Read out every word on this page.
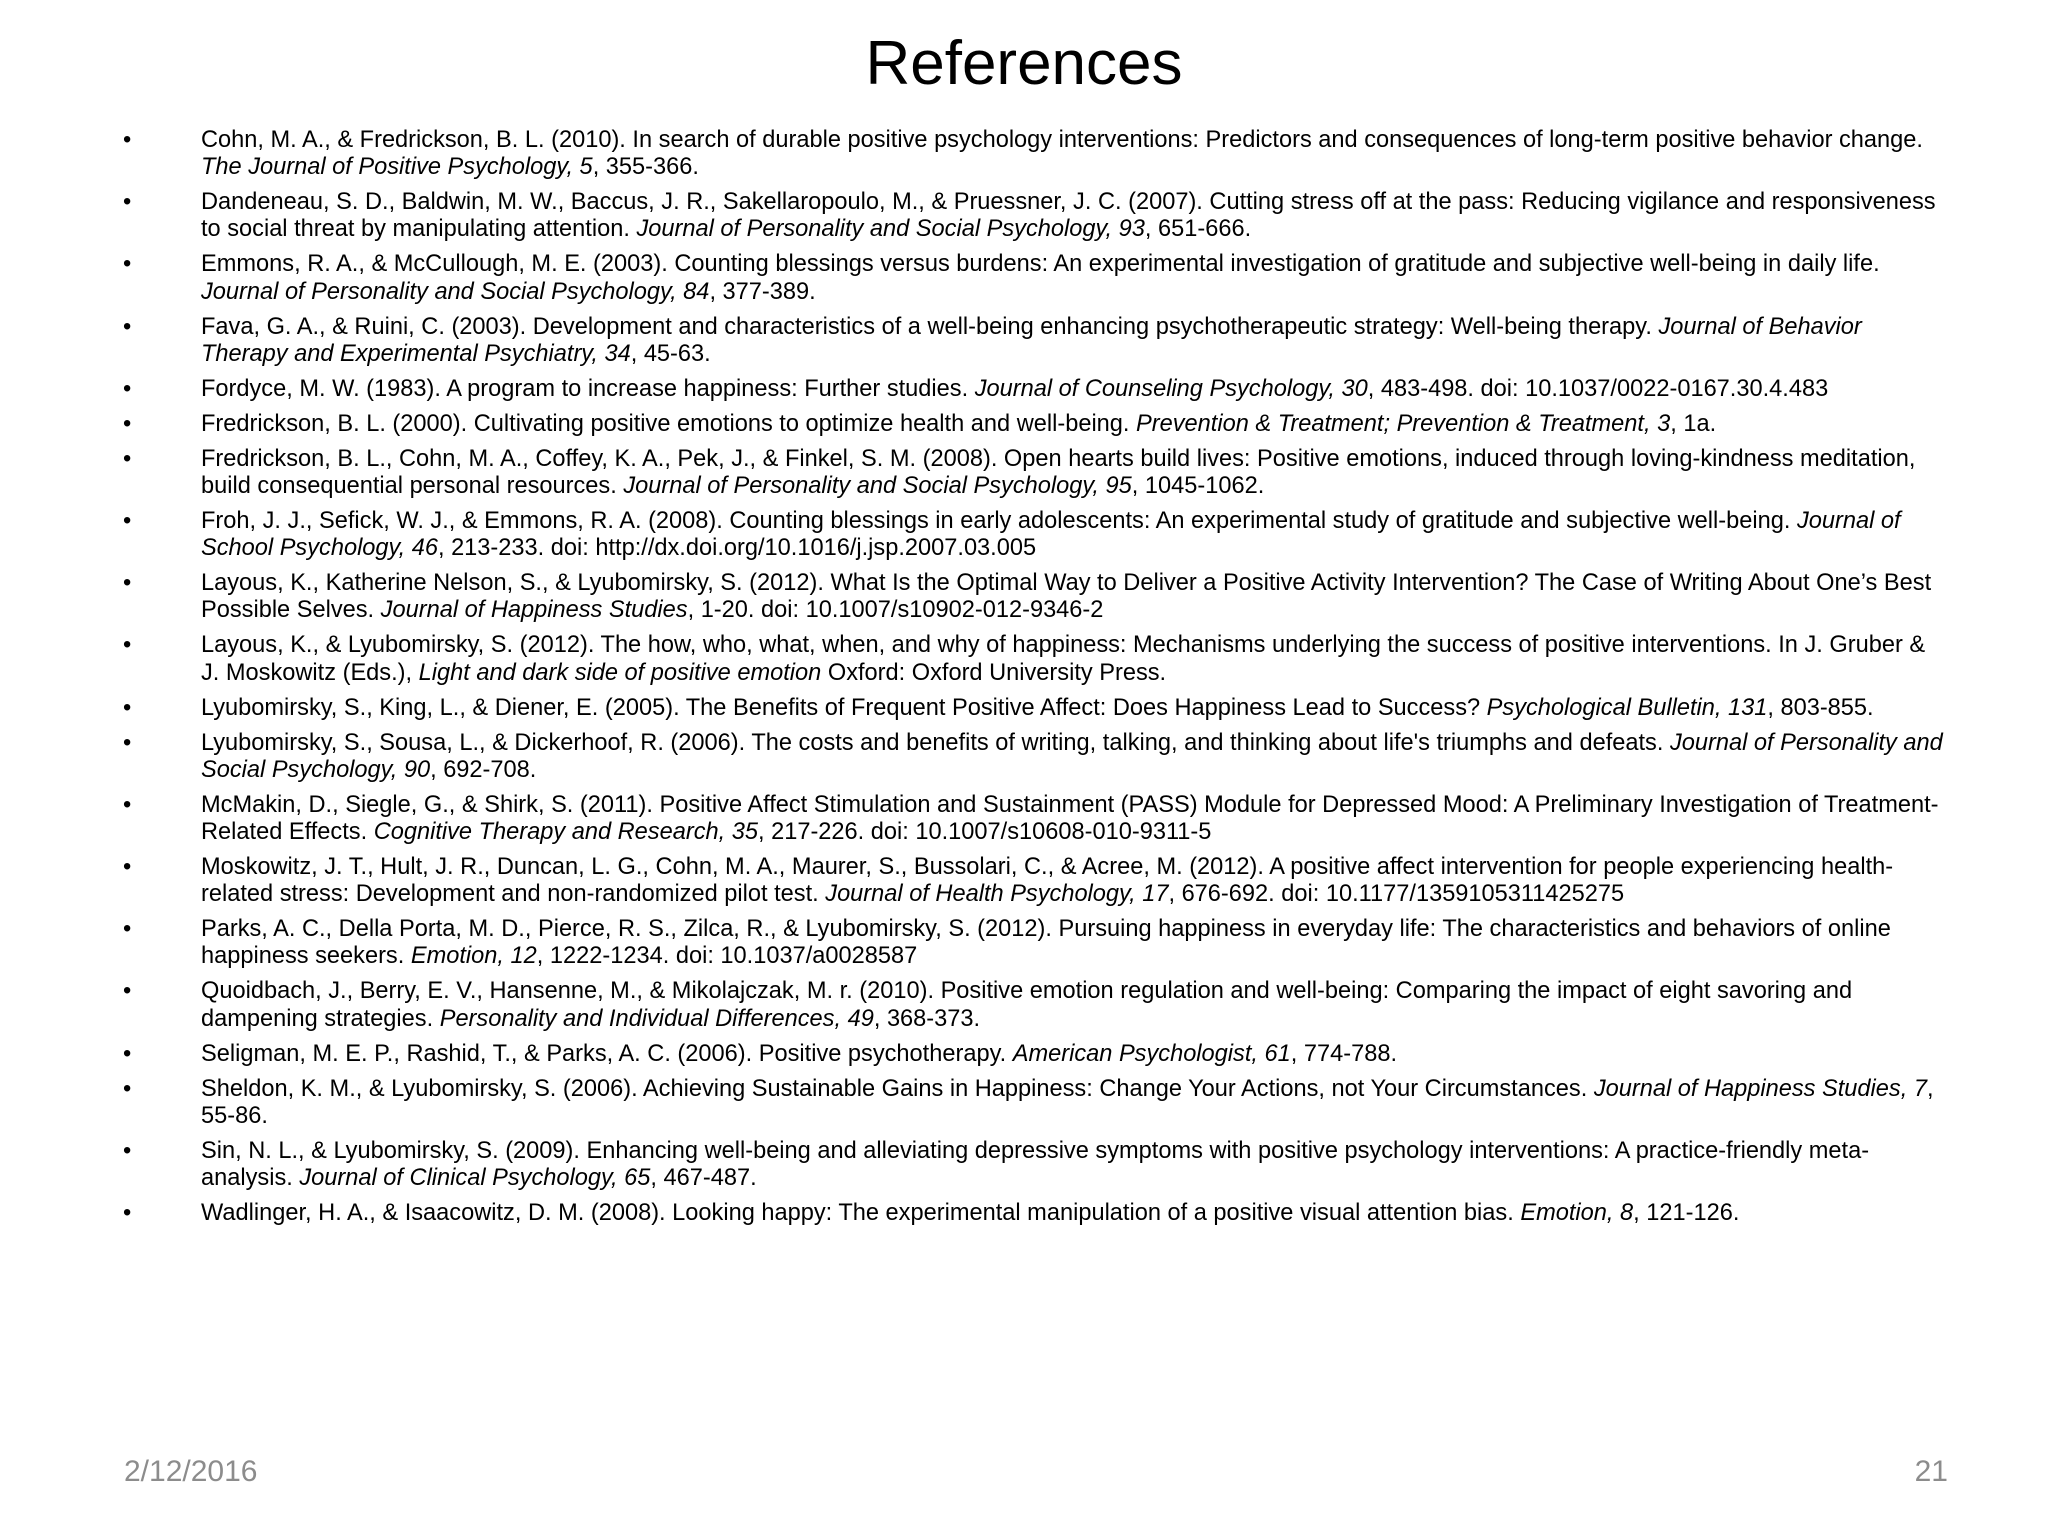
References
•	Cohn, M. A., & Fredrickson, B. L. (2010). In search of durable positive psychology interventions: Predictors and consequences of long-term positive behavior change. The Journal of Positive Psychology, 5, 355-366.
•	Dandeneau, S. D., Baldwin, M. W., Baccus, J. R., Sakellaropoulo, M., & Pruessner, J. C. (2007). Cutting stress off at the pass: Reducing vigilance and responsiveness to social threat by manipulating attention. Journal of Personality and Social Psychology, 93, 651-666.
•	Emmons, R. A., & McCullough, M. E. (2003). Counting blessings versus burdens: An experimental investigation of gratitude and subjective well-being in daily life. Journal of Personality and Social Psychology, 84, 377-389.
•	Fava, G. A., & Ruini, C. (2003). Development and characteristics of a well-being enhancing psychotherapeutic strategy: Well-being therapy. Journal of Behavior Therapy and Experimental Psychiatry, 34, 45-63.
•	Fordyce, M. W. (1983). A program to increase happiness: Further studies. Journal of Counseling Psychology, 30, 483-498. doi: 10.1037/0022-0167.30.4.483
•	Fredrickson, B. L. (2000). Cultivating positive emotions to optimize health and well-being. Prevention & Treatment; Prevention & Treatment, 3, 1a.
•	Fredrickson, B. L., Cohn, M. A., Coffey, K. A., Pek, J., & Finkel, S. M. (2008). Open hearts build lives: Positive emotions, induced through loving-kindness meditation, build consequential personal resources. Journal of Personality and Social Psychology, 95, 1045-1062.
•	Froh, J. J., Sefick, W. J., & Emmons, R. A. (2008). Counting blessings in early adolescents: An experimental study of gratitude and subjective well-being. Journal of School Psychology, 46, 213-233. doi: http://dx.doi.org/10.1016/j.jsp.2007.03.005
•	Layous, K., Katherine Nelson, S., & Lyubomirsky, S. (2012). What Is the Optimal Way to Deliver a Positive Activity Intervention? The Case of Writing About One’s Best Possible Selves. Journal of Happiness Studies, 1-20. doi: 10.1007/s10902-012-9346-2
•	Layous, K., & Lyubomirsky, S. (2012). The how, who, what, when, and why of happiness: Mechanisms underlying the success of positive interventions. In J. Gruber & J. Moskowitz (Eds.), Light and dark side of positive emotion Oxford: Oxford University Press.
•	Lyubomirsky, S., King, L., & Diener, E. (2005). The Benefits of Frequent Positive Affect: Does Happiness Lead to Success? Psychological Bulletin, 131, 803-855.
•	Lyubomirsky, S., Sousa, L., & Dickerhoof, R. (2006). The costs and benefits of writing, talking, and thinking about life's triumphs and defeats. Journal of Personality and Social Psychology, 90, 692-708.
•	McMakin, D., Siegle, G., & Shirk, S. (2011). Positive Affect Stimulation and Sustainment (PASS) Module for Depressed Mood: A Preliminary Investigation of Treatment-Related Effects. Cognitive Therapy and Research, 35, 217-226. doi: 10.1007/s10608-010-9311-5
•	Moskowitz, J. T., Hult, J. R., Duncan, L. G., Cohn, M. A., Maurer, S., Bussolari, C., & Acree, M. (2012). A positive affect intervention for people experiencing health-related stress: Development and non-randomized pilot test. Journal of Health Psychology, 17, 676-692. doi: 10.1177/1359105311425275
•	Parks, A. C., Della Porta, M. D., Pierce, R. S., Zilca, R., & Lyubomirsky, S. (2012). Pursuing happiness in everyday life: The characteristics and behaviors of online happiness seekers. Emotion, 12, 1222-1234. doi: 10.1037/a0028587
•	Quoidbach, J., Berry, E. V., Hansenne, M., & Mikolajczak, M. r. (2010). Positive emotion regulation and well-being: Comparing the impact of eight savoring and dampening strategies. Personality and Individual Differences, 49, 368-373.
•	Seligman, M. E. P., Rashid, T., & Parks, A. C. (2006). Positive psychotherapy. American Psychologist, 61, 774-788.
•	Sheldon, K. M., & Lyubomirsky, S. (2006). Achieving Sustainable Gains in Happiness: Change Your Actions, not Your Circumstances. Journal of Happiness Studies, 7, 55-86.
•	Sin, N. L., & Lyubomirsky, S. (2009). Enhancing well-being and alleviating depressive symptoms with positive psychology interventions: A practice-friendly meta-analysis. Journal of Clinical Psychology, 65, 467-487.
•	Wadlinger, H. A., & Isaacowitz, D. M. (2008). Looking happy: The experimental manipulation of a positive visual attention bias. Emotion, 8, 121-126.
2/12/2016	21
